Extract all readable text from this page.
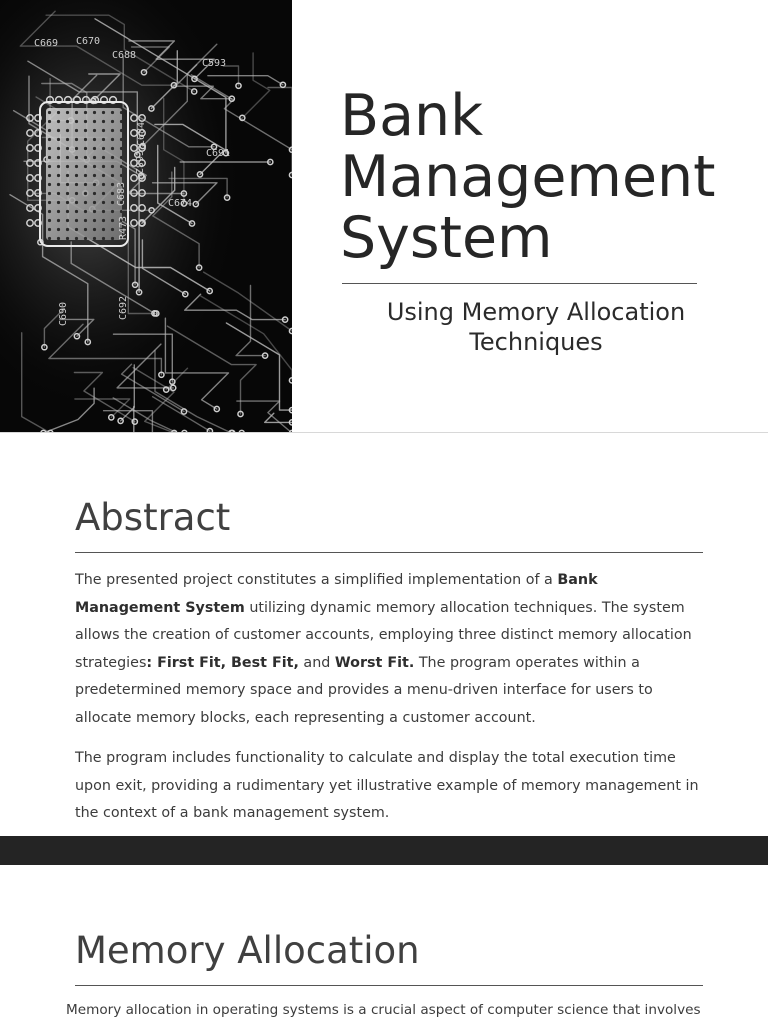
C669 C670
C688
C593
C691
C682
C683
C684
R473
C674
C690	C692
Bank
Management
System
Using Memory Allocation
Techniques
Abstract

The presented project constitutes a simplified implementation of a Bank Management System utilizing dynamic memory allocation techniques. The system allows the creation of customer accounts, employing three distinct memory allocation strategies: First Fit, Best Fit, and Worst Fit. The program operates within a predetermined memory space and provides a menu-driven interface for users to allocate memory blocks, each representing a customer account.

The program includes functionality to calculate and display the total execution time upon exit, providing a rudimentary yet illustrative example of memory management in the context of a bank management system.

Memory Allocation

Memory allocation in operating systems is a crucial aspect of computer science that involves
